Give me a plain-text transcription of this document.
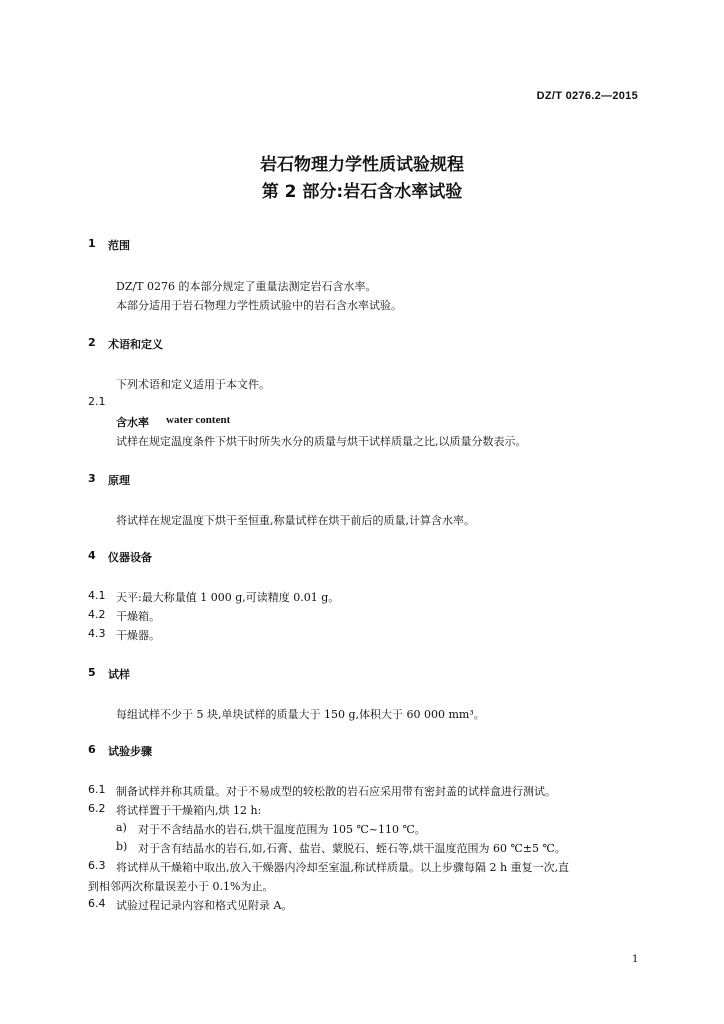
DZ/T 0276.2—2015
岩石物理力学性质试验规程
第 2 部分:岩石含水率试验
1 范围
DZ/T 0276 的本部分规定了重量法测定岩石含水率。
本部分适用于岩石物理力学性质试验中的岩石含水率试验。
2 术语和定义
下列术语和定义适用于本文件。
2.1
含水率 water content
试样在规定温度条件下烘干时所失水分的质量与烘干试样质量之比,以质量分数表示。
3 原理
将试样在规定温度下烘干至恒重,称量试样在烘干前后的质量,计算含水率。
4 仪器设备
4.1 天平:最大称量值 1 000 g,可读精度 0.01 g。
4.2 干燥箱。
4.3 干燥器。
5 试样
每组试样不少于 5 块,单块试样的质量大于 150 g,体积大于 60 000 mm³。
6 试验步骤
6.1 制备试样并称其质量。对于不易成型的较松散的岩石应采用带有密封盖的试样盒进行测试。
6.2 将试样置于干燥箱内,烘 12 h:
a) 对于不含结晶水的岩石,烘干温度范围为 105 ℃~110 ℃。
b) 对于含有结晶水的岩石,如,石膏、盐岩、蒙脱石、蛭石等,烘干温度范围为 60 ℃±5 ℃。
6.3 将试样从干燥箱中取出,放入干燥器内冷却至室温,称试样质量。以上步骤每隔 2 h 重复一次,直
到相邻两次称量误差小于 0.1%为止。
6.4 试验过程记录内容和格式见附录 A。
1
